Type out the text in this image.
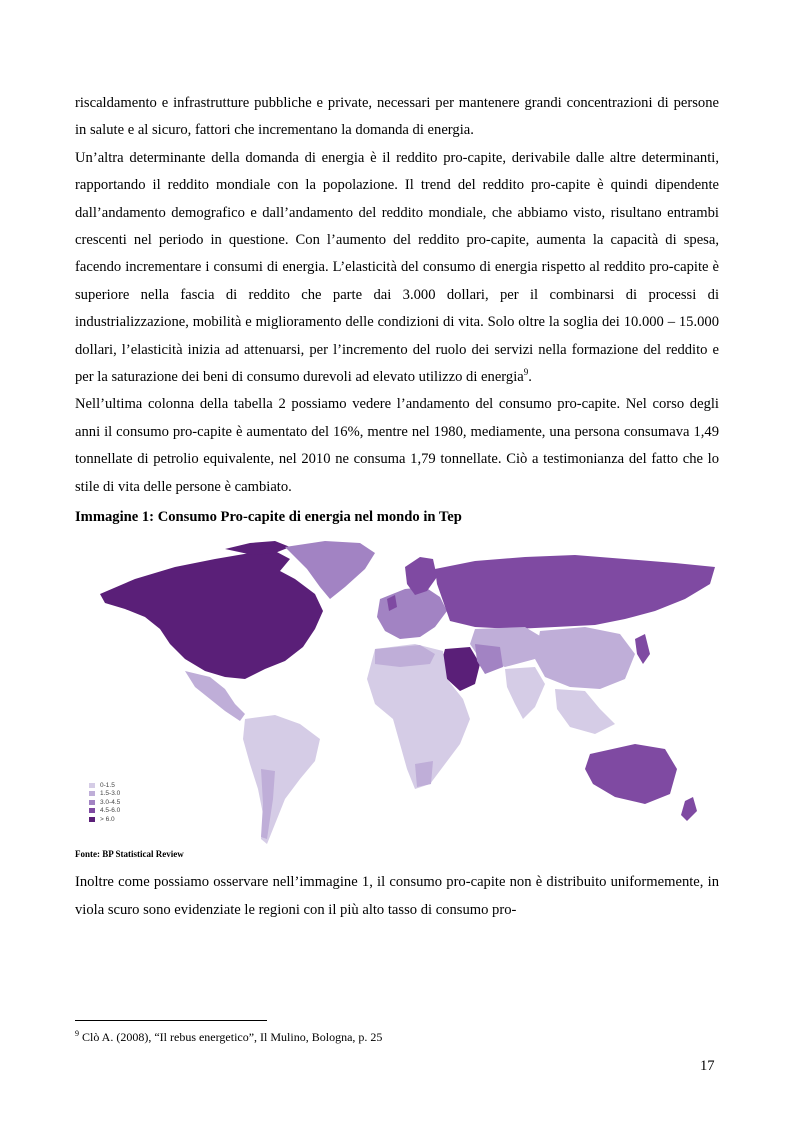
riscaldamento e infrastrutture pubbliche e private, necessari per mantenere grandi concentrazioni di persone in salute e al sicuro, fattori che incrementano la domanda di energia.

Un’altra determinante della domanda di energia è il reddito pro-capite, derivabile dalle altre determinanti, rapportando il reddito mondiale con la popolazione. Il trend del reddito pro-capite è quindi dipendente dall’andamento demografico e dall’andamento del reddito mondiale, che abbiamo visto, risultano entrambi crescenti nel periodo in questione. Con l’aumento del reddito pro-capite, aumenta la capacità di spesa, facendo incrementare i consumi di energia. L’elasticità del consumo di energia rispetto al reddito pro-capite è superiore nella fascia di reddito che parte dai 3.000 dollari, per il combinarsi di processi di industrializzazione, mobilità e miglioramento delle condizioni di vita. Solo oltre la soglia dei 10.000 – 15.000 dollari, l’elasticità inizia ad attenuarsi, per l’incremento del ruolo dei servizi nella formazione del reddito e per la saturazione dei beni di consumo durevoli ad elevato utilizzo di energia$^9$.

Nell’ultima colonna della tabella 2 possiamo vedere l’andamento del consumo pro-capite. Nel corso degli anni il consumo pro-capite è aumentato del 16%, mentre nel 1980, mediamente, una persona consumava 1,49 tonnellate di petrolio equivalente, nel 2010 ne consuma 1,79 tonnellate. Ciò a testimonianza del fatto che lo stile di vita delle persone è cambiato.

Immagine 1: Consumo Pro-capite di energia nel mondo in Tep
0-1.5
1.5-3.0
3.0-4.5
4.5-6.0
> 6.0
Fonte: BP Statistical Review

Inoltre come possiamo osservare nell’immagine 1, il consumo pro-capite non è distribuito uniformemente, in viola scuro sono evidenziate le regioni con il più alto tasso di consumo pro-

$^9$ Clò A. (2008), “Il rebus energetico”, Il Mulino, Bologna, p. 25
17
